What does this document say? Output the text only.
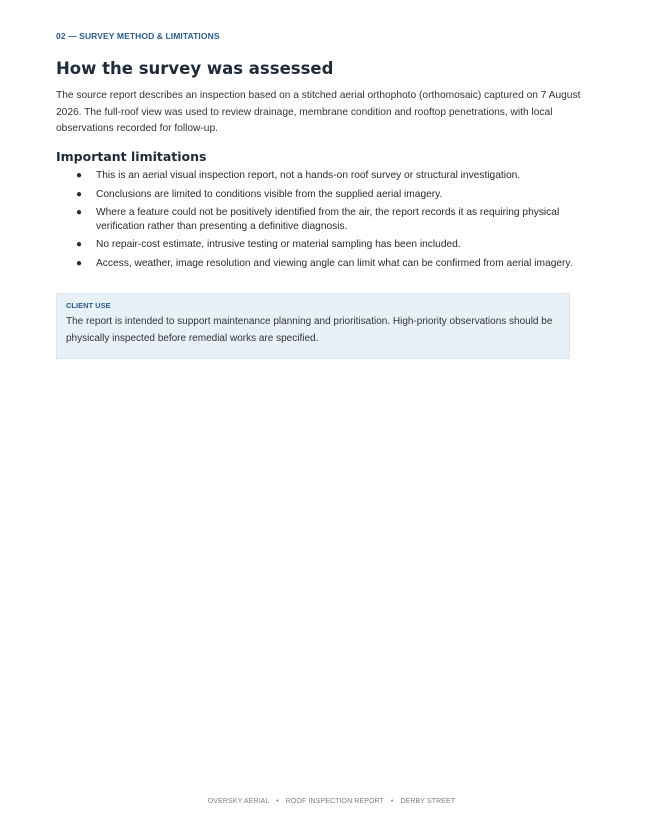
02 — SURVEY METHOD & LIMITATIONS
How the survey was assessed

The source report describes an inspection based on a stitched aerial orthophoto (orthomosaic) captured on 7 August 2026. The full-roof view was used to review drainage, membrane condition and rooftop penetrations, with local observations recorded for follow-up.

Important limitations
● This is an aerial visual inspection report, not a hands-on roof survey or structural investigation.
● Conclusions are limited to conditions visible from the supplied aerial imagery.
● Where a feature could not be positively identified from the air, the report records it as requiring physical verification rather than presenting a definitive diagnosis.
● No repair-cost estimate, intrusive testing or material sampling has been included.
● Access, weather, image resolution and viewing angle can limit what can be confirmed from aerial imagery.
CLIENT USE
The report is intended to support maintenance planning and prioritisation. High-priority observations should be physically inspected before remedial works are specified.
OVERSKY AERIAL • ROOF INSPECTION REPORT • DERBY STREET
